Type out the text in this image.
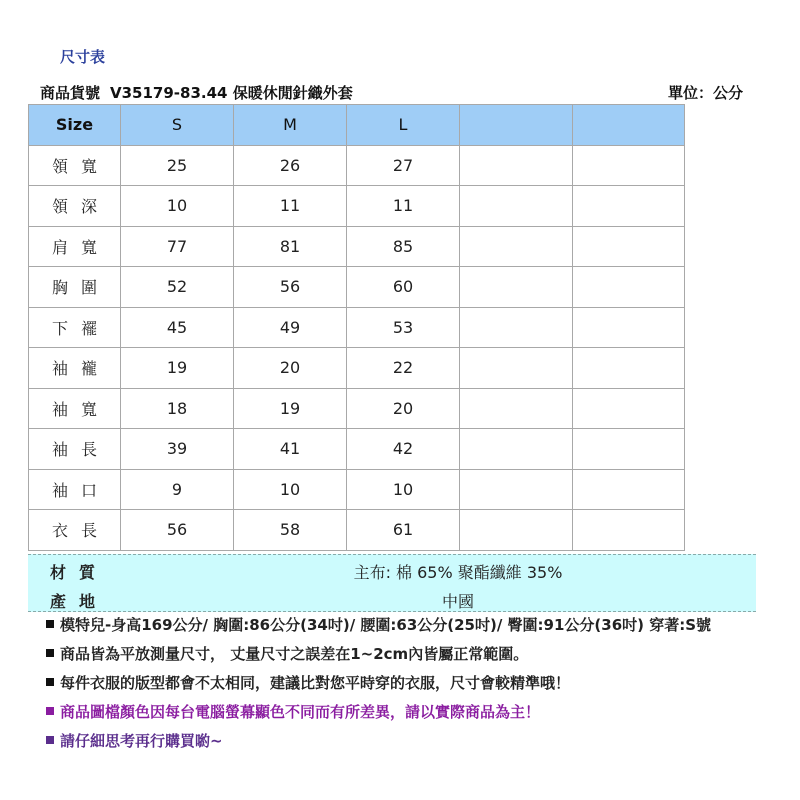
尺寸表
商品貨號 V35179-83.44 保暖休閒針織外套	單位：公分
Size	S	M	L		
領寬	25	26	27		
領深	10	11	11		
肩寬	77	81	85		
胸圍	52	56	60		
下襬	45	49	53		
袖襱	19	20	22		
袖寬	18	19	20		
袖長	39	41	42		
袖口	9	10	10		
衣長	56	58	61		
材質	主布: 棉 65% 聚酯纖維 35%
產地	中國
模特兒-身高169公分/ 胸圍:86公分(34吋)/ 腰圍:63公分(25吋)/ 臀圍:91公分(36吋) 穿著:S號
商品皆為平放測量尺寸， 丈量尺寸之誤差在1~2cm內皆屬正常範圍。
每件衣服的版型都會不太相同，建議比對您平時穿的衣服，尺寸會較精準哦！
商品圖檔顏色因每台電腦螢幕顯色不同而有所差異，請以實際商品為主！
請仔細思考再行購買喲~
